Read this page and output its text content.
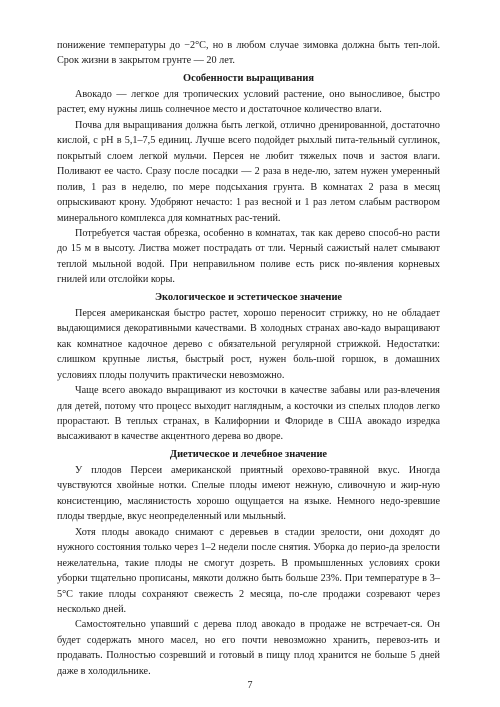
понижение температуры до −2°С, но в любом случае зимовка должна быть теп-лой. Срок жизни в закрытом грунте — 20 лет.

Особенности выращивания

Авокадо — легкое для тропических условий растение, оно выносливое, быстро растет, ему нужны лишь солнечное место и достаточное количество влаги.

Почва для выращивания должна быть легкой, отлично дренированной, достаточно кислой, с рН в 5,1–7,5 единиц. Лучше всего подойдет рыхлый пита-тельный суглинок, покрытый слоем легкой мульчи. Персея не любит тяжелых почв и застоя влаги. Поливают ее часто. Сразу после посадки — 2 раза в неде-лю, затем нужен умеренный полив, 1 раз в неделю, по мере подсыхания грунта. В комнатах 2 раза в месяц опрыскивают крону. Удобряют нечасто: 1 раз весной и 1 раз летом слабым раствором минерального комплекса для комнатных рас-тений.

Потребуется частая обрезка, особенно в комнатах, так как дерево способ-но расти до 15 м в высоту. Листва может пострадать от тли. Черный сажистый налет смывают теплой мыльной водой. При неправильном поливе есть риск по-явления корневых гнилей или отслойки коры.

Экологическое и эстетическое значение

Персея американская быстро растет, хорошо переносит стрижку, но не обладает выдающимися декоративными качествами. В холодных странах аво-кадо выращивают как комнатное кадочное дерево с обязательной регулярной стрижкой. Недостатки: слишком крупные листья, быстрый рост, нужен боль-шой горшок, в домашних условиях плоды получить практически невозможно.

Чаще всего авокадо выращивают из косточки в качестве забавы или раз-влечения для детей, потому что процесс выходит наглядным, а косточки из спелых плодов легко прорастают. В теплых странах, в Калифорнии и Флориде в США авокадо изредка высаживают в качестве акцентного дерева во дворе.

Диетическое и лечебное значение

У плодов Персеи американской приятный орехово-травяной вкус. Иногда чувствуются хвойные нотки. Спелые плоды имеют нежную, сливочную и жир-ную консистенцию, маслянистость хорошо ощущается на языке. Немного недо-зревшие плоды твердые, вкус неопределенный или мыльный.

Хотя плоды авокадо снимают с деревьев в стадии зрелости, они доходят до нужного состояния только через 1–2 недели после снятия. Уборка до перио-да зрелости нежелательна, такие плоды не смогут дозреть. В промышленных условиях сроки уборки тщательно прописаны, мякоти должно быть больше 23%. При температуре в 3–5°С такие плоды сохраняют свежесть 2 месяца, по-сле продажи созревают через несколько дней.

Самостоятельно упавший с дерева плод авокадо в продаже не встречает-ся. Он будет содержать много масел, но его почти невозможно хранить, перевоз-ить и продавать. Полностью созревший и готовый в пищу плод хранится не больше 5 дней даже в холодильнике.

7
